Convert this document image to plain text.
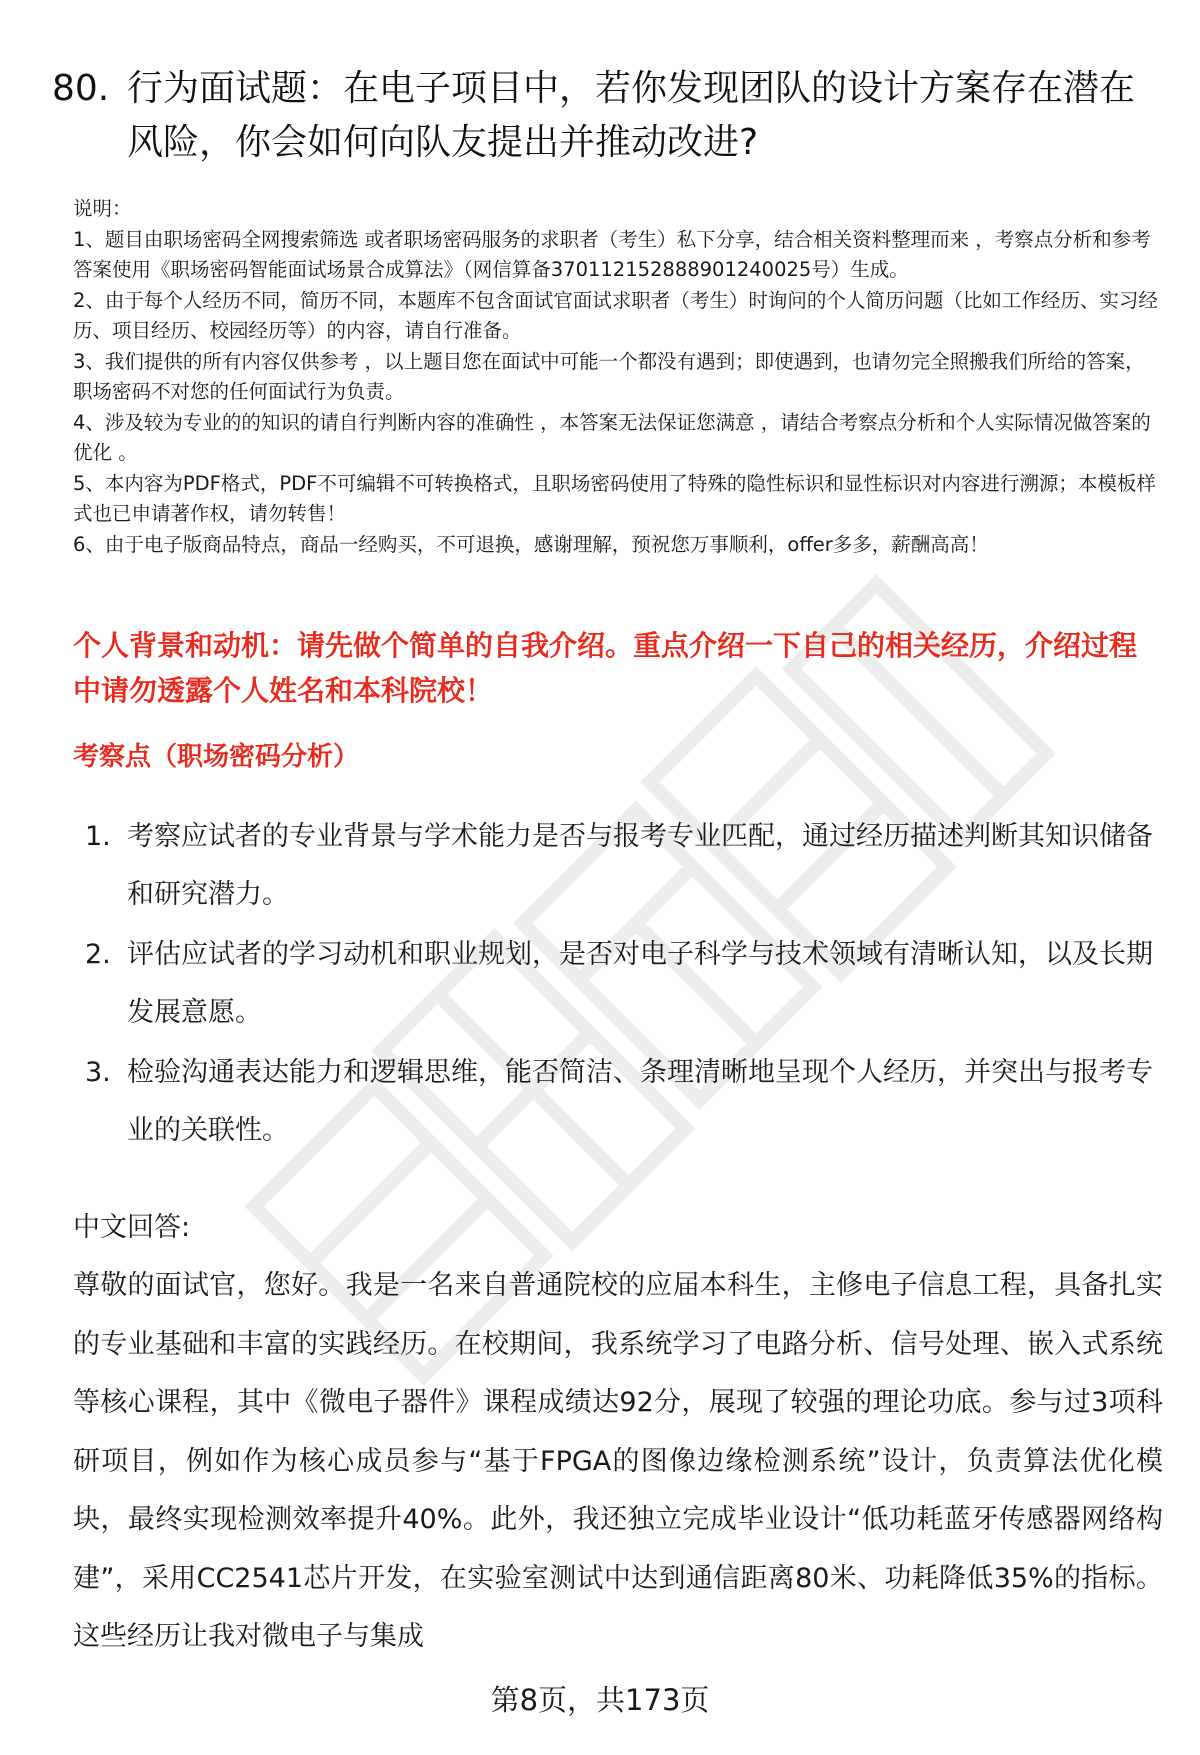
80. 行为面试题：在电子项目中，若你发现团队的设计方案存在潜在风险，你会如何向队友提出并推动改进?

说明：

1、题目由职场密码全网搜索筛选 或者职场密码服务的求职者（考生）私下分享，结合相关资料整理而来 ，考察点分析和参考答案使用《职场密码智能面试场景合成算法》（网信算备370112152888901240025号）生成。

2、由于每个人经历不同，简历不同，本题库不包含面试官面试求职者（考生）时询问的个人简历问题（比如工作经历、实习经历、项目经历、校园经历等）的内容，请自行准备。

3、我们提供的所有内容仅供参考 ，以上题目您在面试中可能一个都没有遇到；即使遇到，也请勿完全照搬我们所给的答案，职场密码不对您的任何面试行为负责。

4、涉及较为专业的的知识的请自行判断内容的准确性 ，本答案无法保证您满意 ，请结合考察点分析和个人实际情况做答案的优化 。

5、本内容为PDF格式，PDF不可编辑不可转换格式，且职场密码使用了特殊的隐性标识和显性标识对内容进行溯源；本模板样式也已申请著作权，请勿转售！

6、由于电子版商品特点，商品一经购买，不可退换，感谢理解，预祝您万事顺利，offer多多，薪酬高高！

个人背景和动机：请先做个简单的自我介绍。重点介绍一下自己的相关经历，介绍过程中请勿透露个人姓名和本科院校！
考察点（职场密码分析）
1. 考察应试者的专业背景与学术能力是否与报考专业匹配，通过经历描述判断其知识储备和研究潜力。
2. 评估应试者的学习动机和职业规划，是否对电子科学与技术领域有清晰认知，以及长期发展意愿。
3. 检验沟通表达能力和逻辑思维，能否简洁、条理清晰地呈现个人经历，并突出与报考专业的关联性。
中文回答:

尊敬的面试官，您好。我是一名来自普通院校的应届本科生，主修电子信息工程，具备扎实的专业基础和丰富的实践经历。在校期间，我系统学习了电路分析、信号处理、嵌入式系统等核心课程，其中《微电子器件》课程成绩达92分，展现了较强的理论功底。参与过3项科研项目，例如作为核心成员参与“基于FPGA的图像边缘检测系统”设计，负责算法优化模块，最终实现检测效率提升40%。此外，我还独立完成毕业设计“低功耗蓝牙传感器网络构建”，采用CC2541芯片开发，在实验室测试中达到通信距离80米、功耗降低35%的指标。这些经历让我对微电子与集成

第8页，共173页
